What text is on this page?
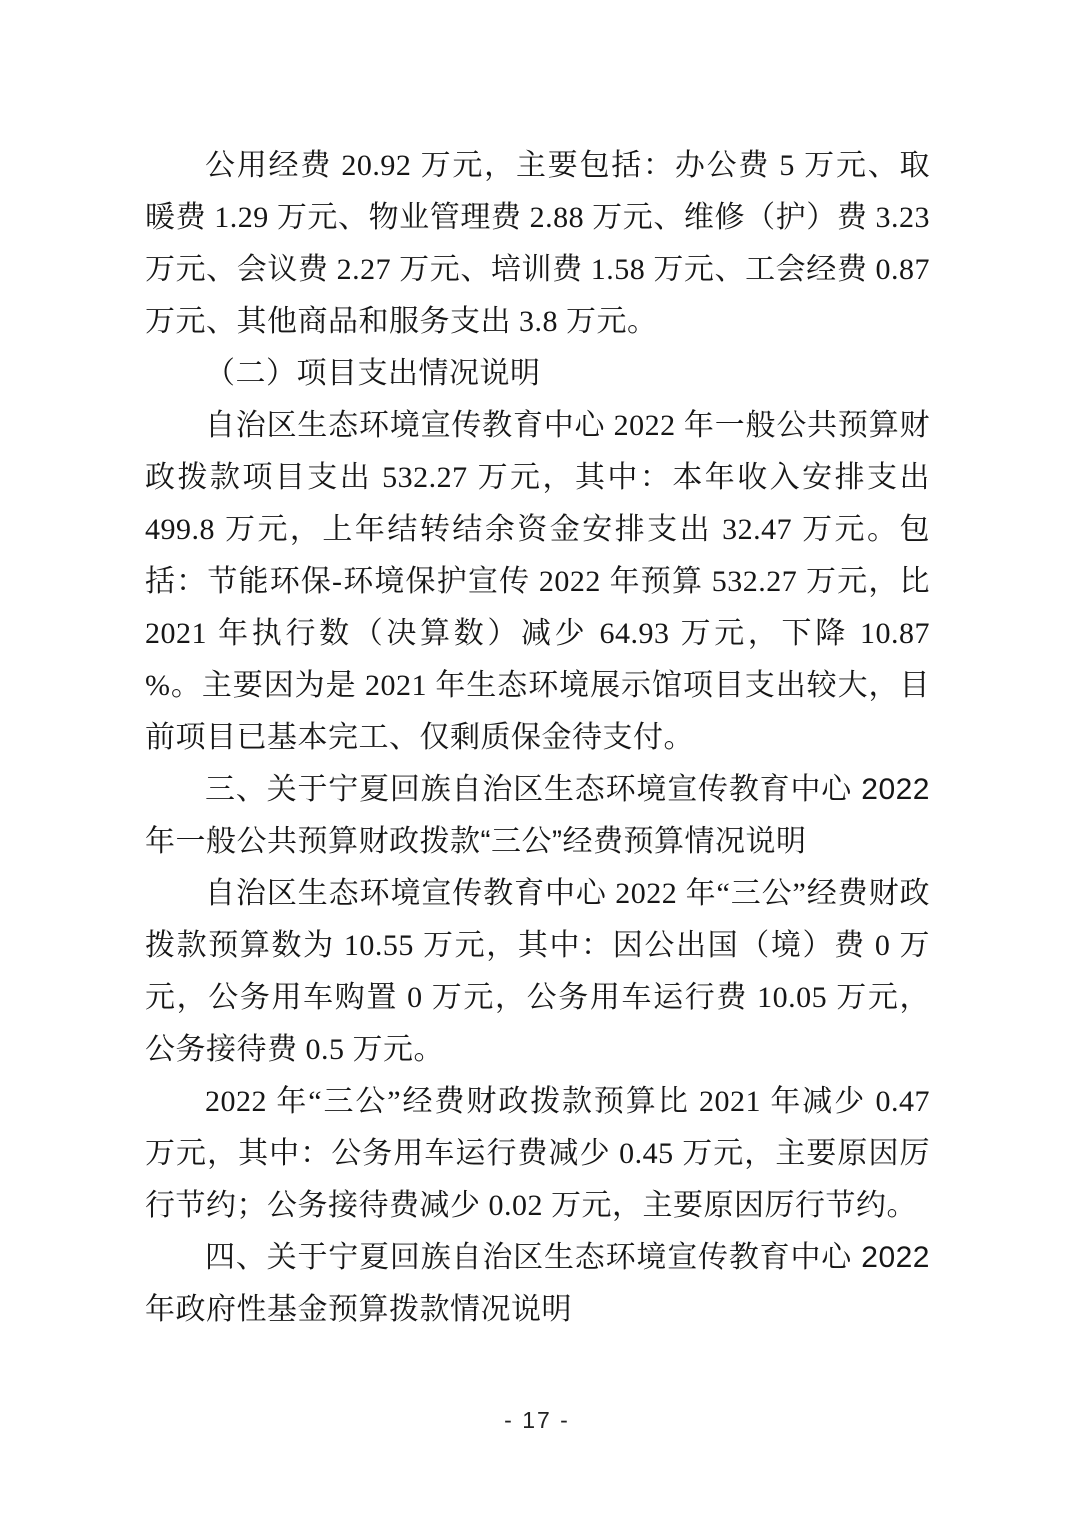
公用经费 20.92 万元，主要包括：办公费 5 万元、取暖费 1.29 万元、物业管理费 2.88 万元、维修（护）费 3.23 万元、会议费 2.27 万元、培训费 1.58 万元、工会经费 0.87 万元、其他商品和服务支出 3.8 万元。

（二）项目支出情况说明

自治区生态环境宣传教育中心 2022 年一般公共预算财政拨款项目支出 532.27 万元，其中：本年收入安排支出 499.8 万元，上年结转结余资金安排支出 32.47 万元。包括：节能环保-环境保护宣传 2022 年预算 532.27 万元，比 2021 年执行数（决算数）减少 64.93 万元，下降 10.87 %。主要因为是 2021 年生态环境展示馆项目支出较大，目前项目已基本完工、仅剩质保金待支付。

三、关于宁夏回族自治区生态环境宣传教育中心 2022 年一般公共预算财政拨款“三公”经费预算情况说明

自治区生态环境宣传教育中心 2022 年“三公”经费财政拨款预算数为 10.55 万元，其中：因公出国（境）费 0 万元，公务用车购置 0 万元，公务用车运行费 10.05 万元，公务接待费 0.5 万元。

2022 年“三公”经费财政拨款预算比 2021 年减少 0.47 万元，其中：公务用车运行费减少 0.45 万元，主要原因厉行节约；公务接待费减少 0.02 万元，主要原因厉行节约。

四、关于宁夏回族自治区生态环境宣传教育中心 2022 年政府性基金预算拨款情况说明
- 17 -
